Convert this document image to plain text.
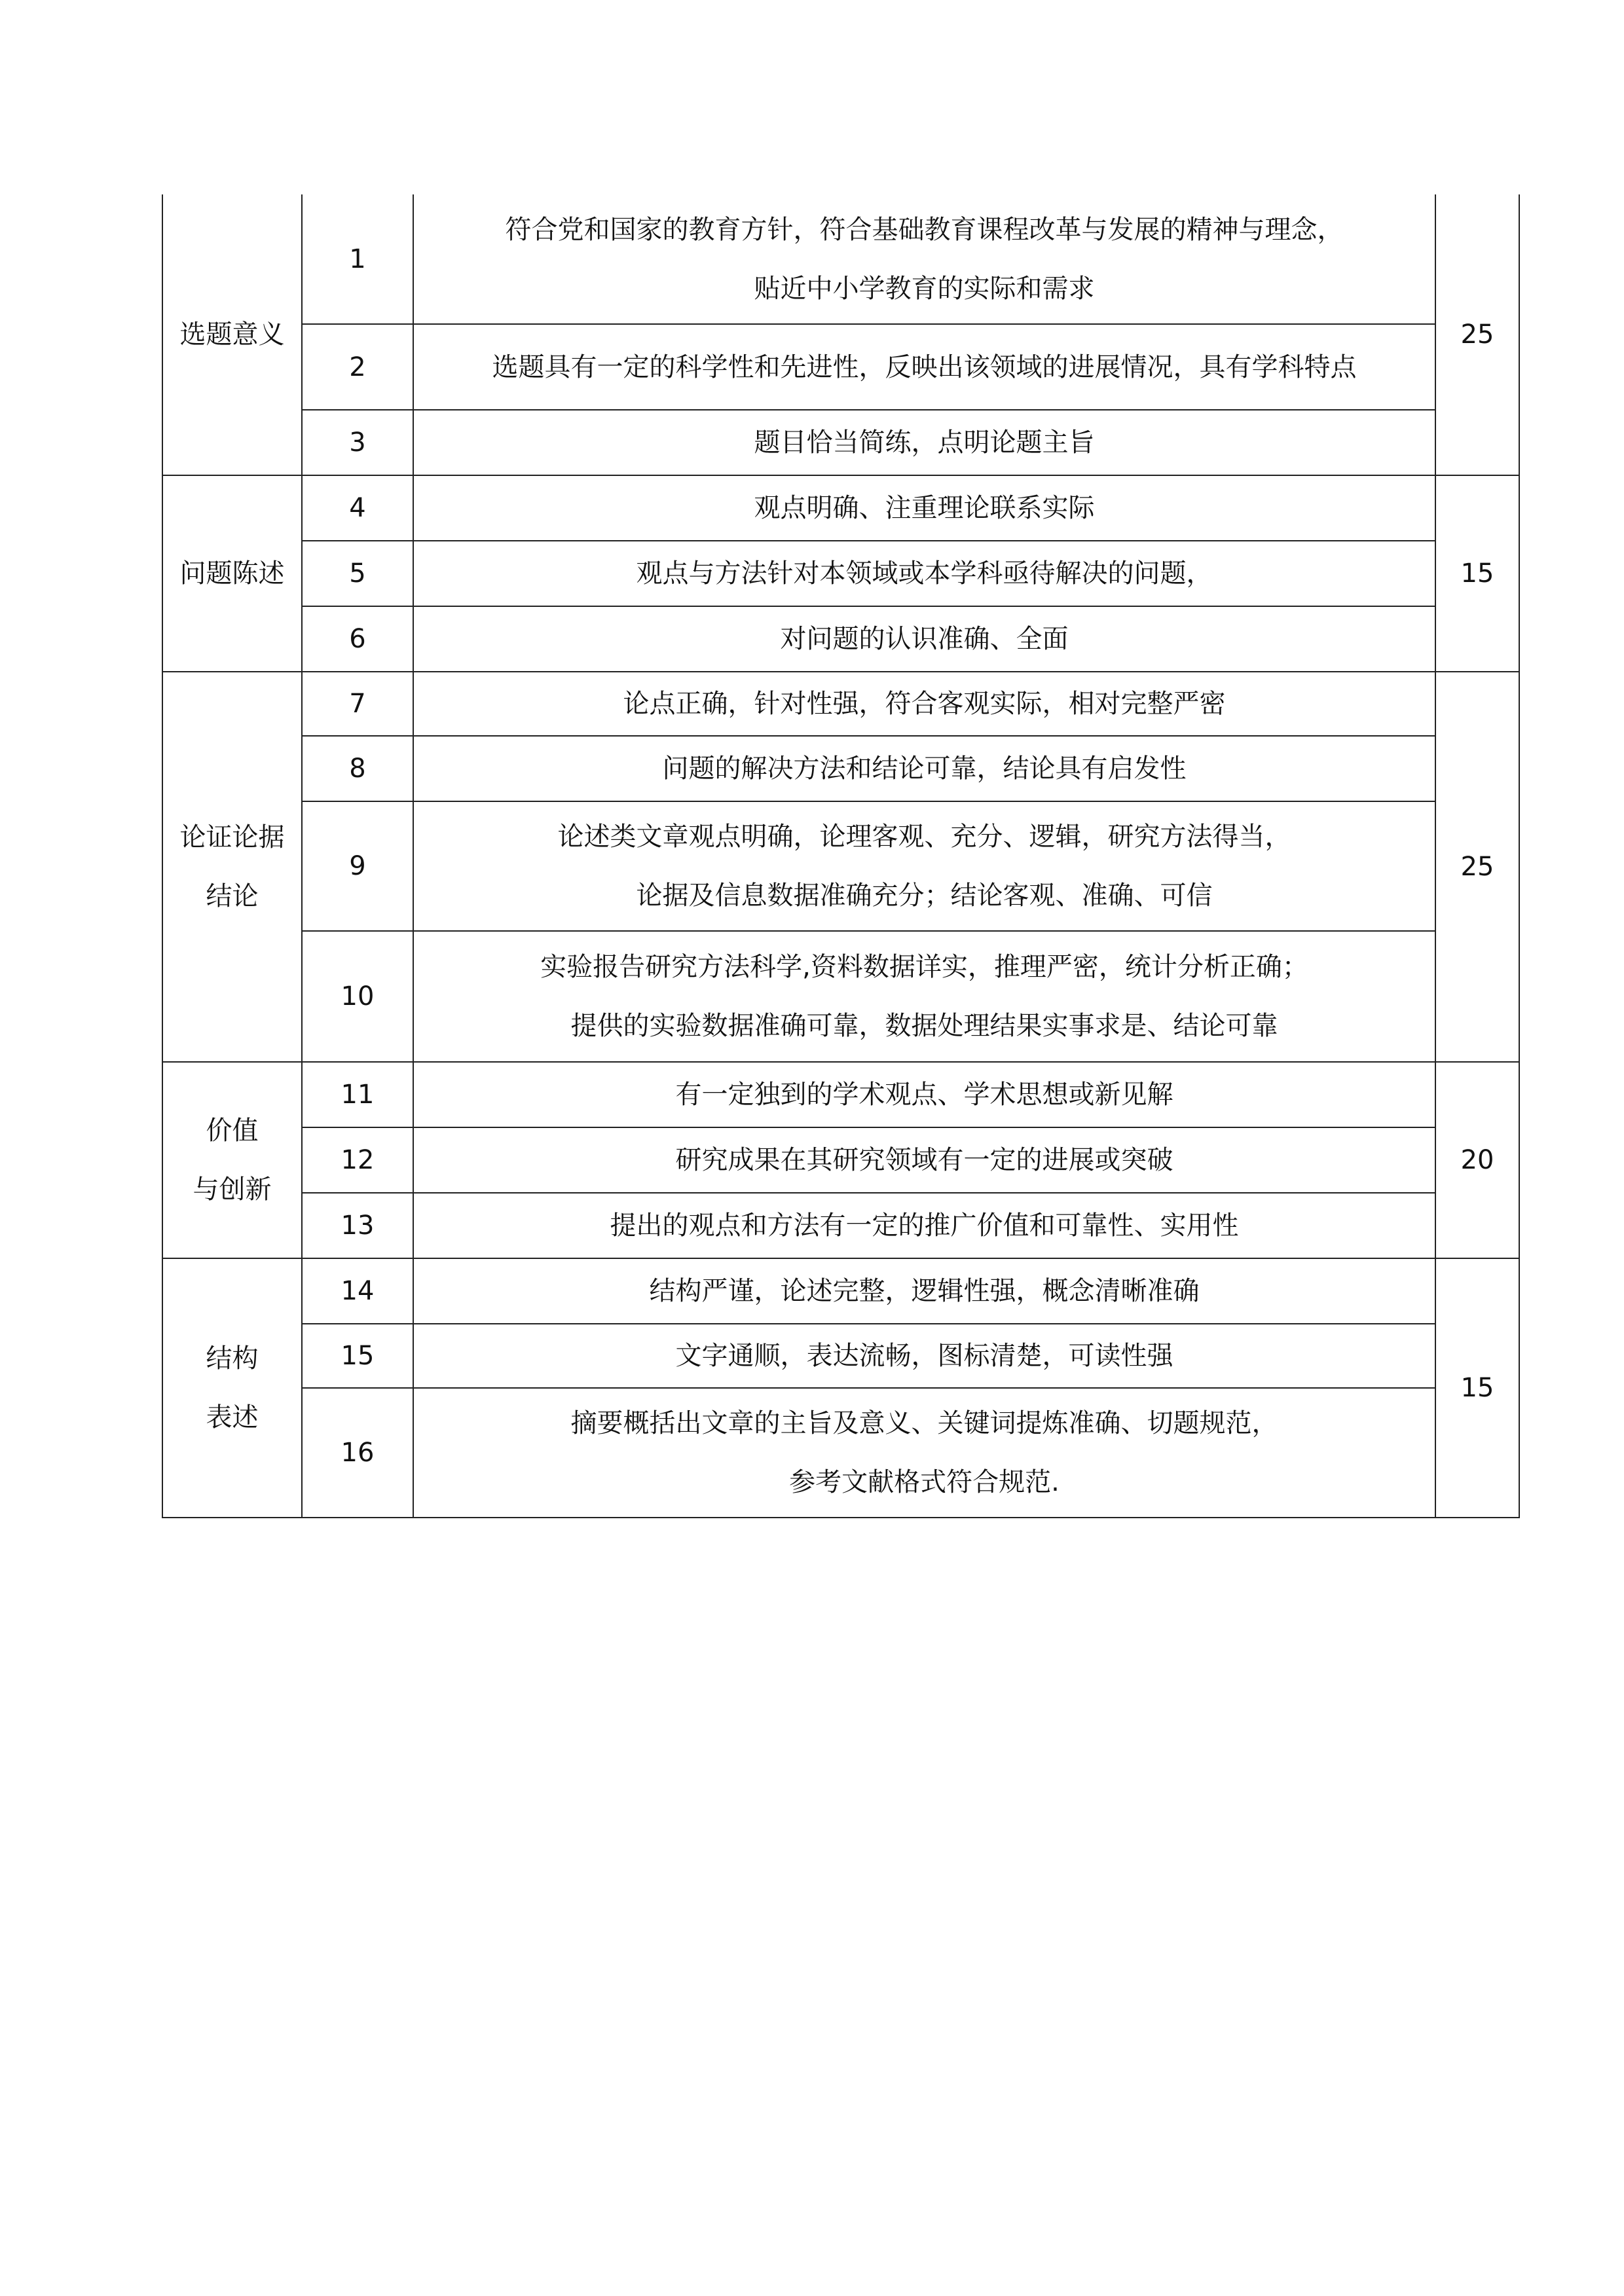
选题意义	1	符合党和国家的教育方针，符合基础教育课程改革与发展的精神与理念，
贴近中小学教育的实际和需求	25
	2	选题具有一定的科学性和先进性，反映出该领域的进展情况，具有学科特点	

	3	题目恰当简练，点明论题主旨	

问题陈述	4	观点明确、注重理论联系实际	15
	5	观点与方法针对本领域或本学科亟待解决的问题，	

	6	对问题的认识准确、全面	

论证论据
结论	7	论点正确，针对性强，符合客观实际，相对完整严密	25
	8	问题的解决方法和结论可靠，结论具有启发性	

	9	论述类文章观点明确，论理客观、充分、逻辑，研究方法得当，
论据及信息数据准确充分；结论客观、准确、可信	

	10	实验报告研究方法科学,资料数据详实，推理严密，统计分析正确；
提供的实验数据准确可靠，数据处理结果实事求是、结论可靠	

价值
与创新	11	有一定独到的学术观点、学术思想或新见解	20
	12	研究成果在其研究领域有一定的进展或突破	

	13	提出的观点和方法有一定的推广价值和可靠性、实用性	

结构
表述	14	结构严谨，论述完整，逻辑性强，概念清晰准确	15
	15	文字通顺，表达流畅，图标清楚，可读性强	

	16	摘要概括出文章的主旨及意义、关键词提炼准确、切题规范，
参考文献格式符合规范.	
